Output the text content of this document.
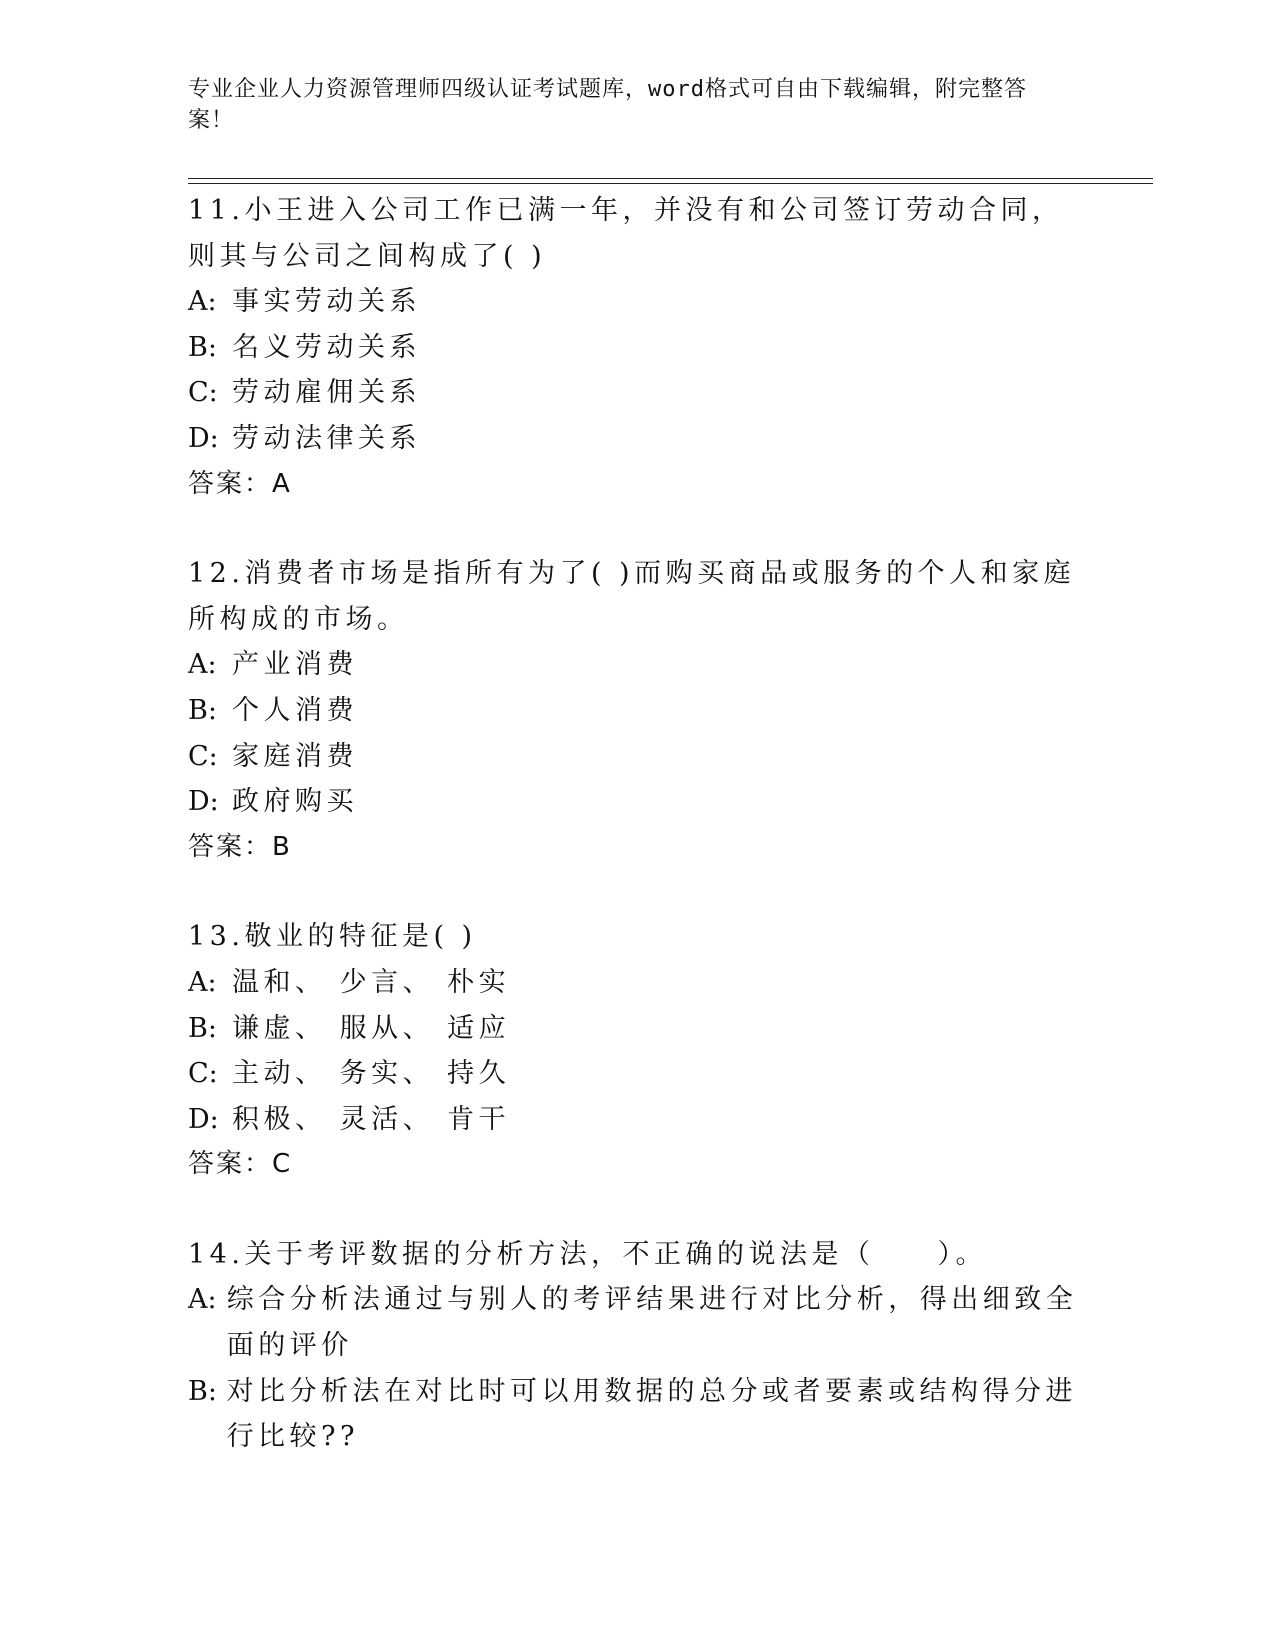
专业企业人力资源管理师四级认证考试题库，word格式可自由下载编辑，附完整答案！
11.小王进入公司工作已满一年，并没有和公司签订劳动合同，则其与公司之间构成了( )
A: 事实劳动关系
B: 名义劳动关系
C: 劳动雇佣关系
D: 劳动法律关系
答案：A
12.消费者市场是指所有为了( )而购买商品或服务的个人和家庭所构成的市场。
A: 产业消费
B: 个人消费
C: 家庭消费
D: 政府购买
答案：B
13.敬业的特征是( )
A: 温和、 少言、 朴实
B: 谦虚、 服从、 适应
C: 主动、 务实、 持久
D: 积极、 灵活、 肯干
答案：C
14.关于考评数据的分析方法，不正确的说法是（　　）。
A: 综合分析法通过与别人的考评结果进行对比分析，得出细致全面的评价
B: 对比分析法在对比时可以用数据的总分或者要素或结构得分进行比较??
